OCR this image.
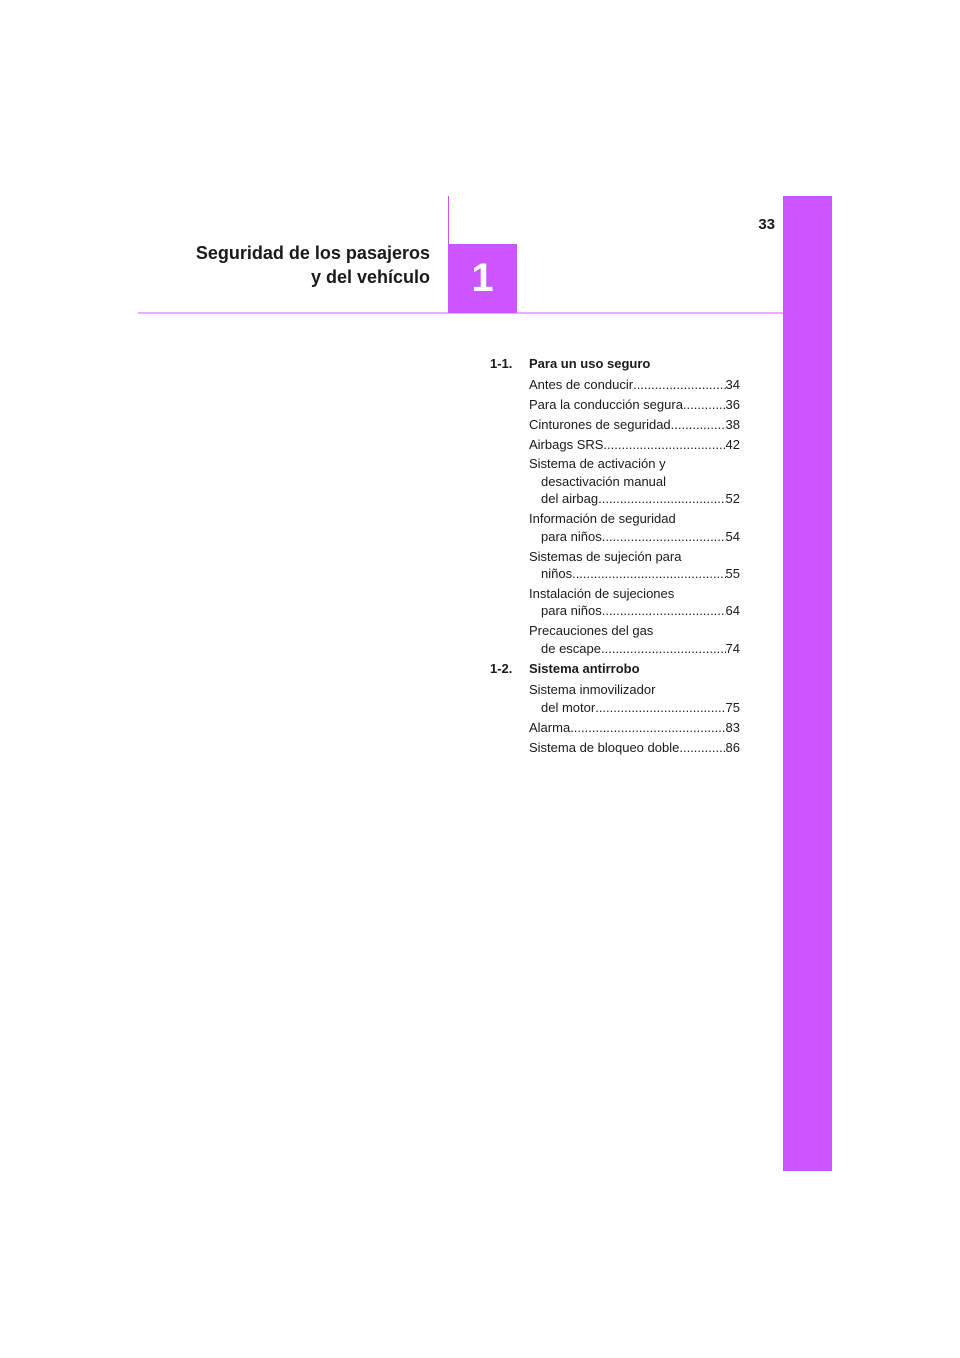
33
1
Seguridad de los pasajeros
y del vehículo
1-1.	Para un uso seguro
Antes de conducir .....	34
Para la conducción segura .....	36
Cinturones de seguridad .....	38
Airbags SRS .....	42
Sistema de activación y
desactivación manual
del airbag .....	52
Información de seguridad
para niños .....	54
Sistemas de sujeción para
niños .....	55
Instalación de sujeciones
para niños .....	64
Precauciones del gas
de escape .....	74
1-2.	Sistema antirrobo
Sistema inmovilizador
del motor .....	75
Alarma .....	83
Sistema de bloqueo doble .....	86
